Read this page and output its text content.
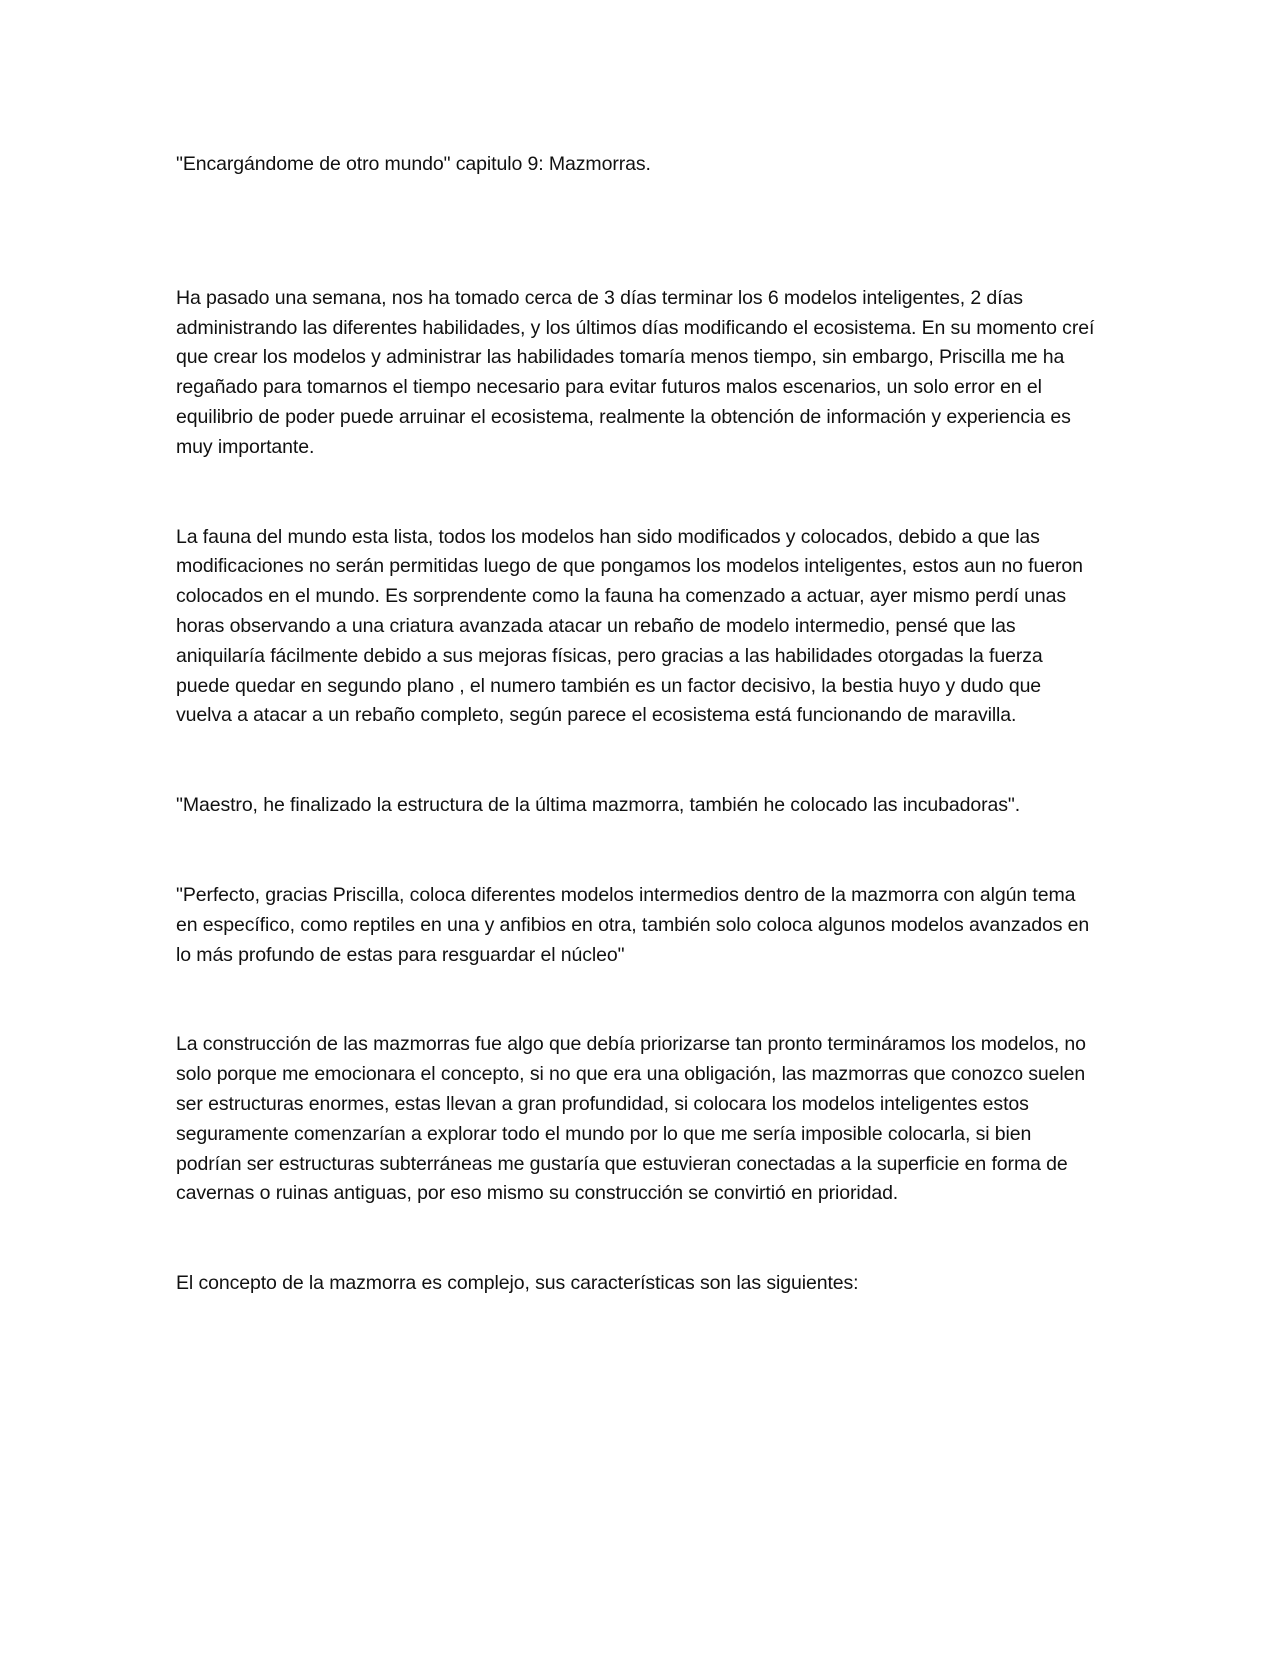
"Encargándome de otro mundo" capitulo 9: Mazmorras.

Ha pasado una semana, nos ha tomado cerca de 3 días terminar los 6 modelos inteligentes, 2 días administrando las diferentes habilidades, y los últimos días modificando el ecosistema. En su momento creí que crear los modelos y administrar las habilidades tomaría menos tiempo, sin embargo, Priscilla me ha regañado para tomarnos el tiempo necesario para evitar futuros malos escenarios, un solo error en el equilibrio de poder puede arruinar el ecosistema, realmente la obtención de información y experiencia es muy importante.

La fauna del mundo esta lista, todos los modelos han sido modificados y colocados, debido a que las modificaciones no serán permitidas luego de que pongamos los modelos inteligentes, estos aun no fueron colocados en el mundo. Es sorprendente como la fauna ha comenzado a actuar, ayer mismo perdí unas horas observando a una criatura avanzada atacar un rebaño de modelo intermedio, pensé que las aniquilaría fácilmente debido a sus mejoras físicas, pero gracias a las habilidades otorgadas la fuerza puede quedar en segundo plano , el numero también es un factor decisivo, la bestia huyo y dudo que vuelva a atacar a un rebaño completo, según parece el ecosistema está funcionando de maravilla.

"Maestro, he finalizado la estructura de la última mazmorra, también he colocado las incubadoras".

"Perfecto, gracias Priscilla, coloca diferentes modelos intermedios dentro de la mazmorra con algún tema en específico, como reptiles en una y anfibios en otra, también solo coloca algunos modelos avanzados en lo más profundo de estas para resguardar el núcleo"

La construcción de las mazmorras fue algo que debía priorizarse tan pronto termináramos los modelos, no solo porque me emocionara el concepto, si no que era una obligación, las mazmorras que conozco suelen ser estructuras enormes, estas llevan a gran profundidad, si colocara los modelos inteligentes estos seguramente comenzarían a explorar todo el mundo por lo que me sería imposible colocarla, si bien podrían ser estructuras subterráneas me gustaría que estuvieran conectadas a la superficie en forma de cavernas o ruinas antiguas, por eso mismo su construcción se convirtió en prioridad.

El concepto de la mazmorra es complejo, sus características son las siguientes:
